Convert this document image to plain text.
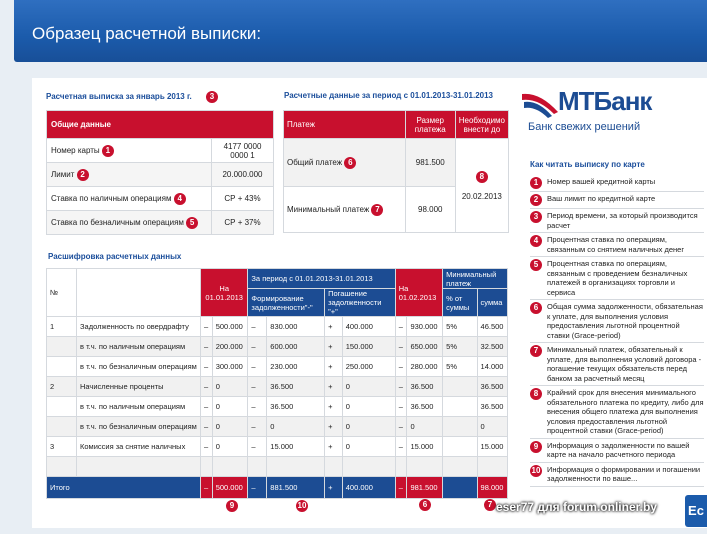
Образец расчетной выписки:
Расчетная выписка за январь 2013 г. 3
Общие данные	
Номер карты 1	4177 0000 0000 1
Лимит 2	20.000.000
Ставка по наличным операциям 4	СР + 43%
Ставка по безналичным операциям 5	СР + 37%
Расчетные данные за период с 01.01.2013-31.01.2013
Платеж	Размер платежа	Необходимо внести до
Общий платеж 6	981.500	8

20.02.2013
Минимальный платеж 7	98.000	
Расшифровка расчетных данных
№		На 01.01.2013		За период с 01.01.2013-31.01.2013				На 01.02.2013		Минимальный платеж	
				Формирование задолженности"-"		Погашение задолженности "+"				% от суммы	сумма

1	Задолженность по овердрафту	–	500.000	–	830.000	+	400.000	–	930.000	5%	46.500
	в т.ч. по наличным операциям	–	200.000	–	600.000	+	150.000	–	650.000	5%	32.500
	в т.ч. по безналичным операциям	–	300.000	–	230.000	+	250.000	–	280.000	5%	14.000
2	Начисленные проценты	–	0	–	36.500	+	0	–	36.500		36.500
	в т.ч. по наличным операциям	–	0	–	36.500	+	0	–	36.500		36.500
	в т.ч. по безналичным операциям	–	0	–	0	+	0	–	0		0
3	Комиссия за снятие наличных	–	0	–	15.000	+	0	–	15.000		15.000

Итого		–	500.000	–	881.500	+	400.000	–	981.500		98.000
9	10	6	7
МТБанк
Банк свежих решений
Как читать выписку по карте
1	Номер вашей кредитной карты
2	Ваш лимит по кредитной карте
3	Период времени, за который производится расчет
4	Процентная ставка по операциям, связанным со снятием наличных денег
5	Процентная ставка по операциям, связанным с проведением безналичных платежей в организациях торговли и сервиса
6	Общая сумма задолженности, обязательная к уплате, для выполнения условия предоставления льготной процентной ставки (Grace-period)
7	Минимальный платеж, обязательный к уплате, для выполнения условий договора - погашение текущих обязательств перед банком за расчетный месяц
8	Крайний срок для внесения минимального обязательного платежа по кредиту, либо для внесения общего платежа для выполнения условия предоставления льготной процентной ставки (Grace-period)
9	Информация о задолженности по вашей карте на начало расчетного периода
10 Информация о формировании и погашении задолженности по ваше...
eser77 для forum.onliner.by Ec
